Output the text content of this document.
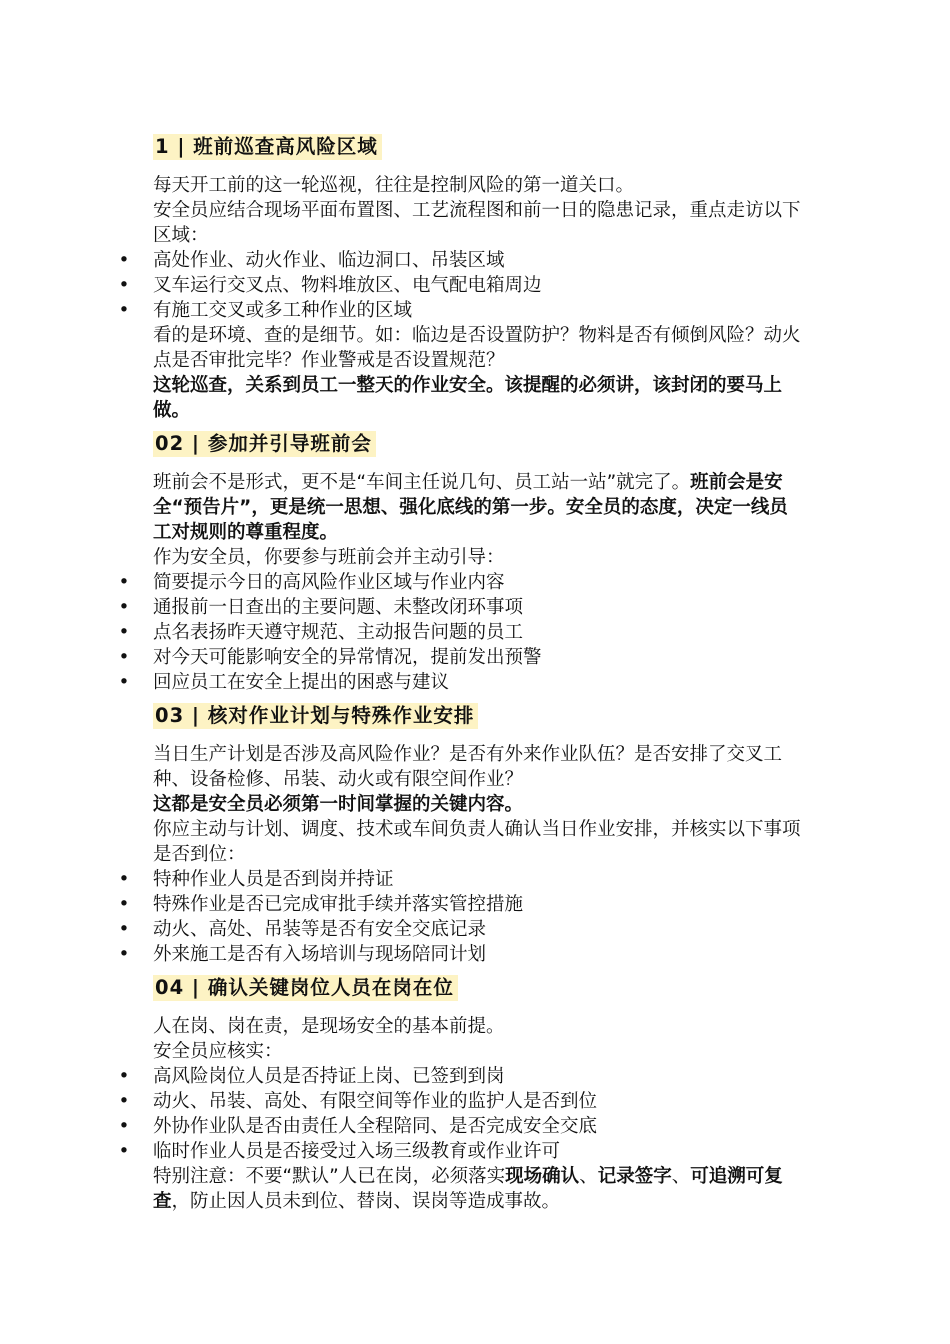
1 | 班前巡查高风险区域

每天开工前的这一轮巡视，往往是控制风险的第一道关口。

安全员应结合现场平面布置图、工艺流程图和前一日的隐患记录，重点走访以下区域：

• 高处作业、动火作业、临边洞口、吊装区域
• 叉车运行交叉点、物料堆放区、电气配电箱周边
• 有施工交叉或多工种作业的区域

看的是环境、查的是细节。如：临边是否设置防护？物料是否有倾倒风险？动火点是否审批完毕？作业警戒是否设置规范？

这轮巡查，关系到员工一整天的作业安全。该提醒的必须讲，该封闭的要马上做。

02 | 参加并引导班前会

班前会不是形式，更不是“车间主任说几句、员工站一站”就完了。班前会是安全“预告片”，更是统一思想、强化底线的第一步。安全员的态度，决定一线员工对规则的尊重程度。

作为安全员，你要参与班前会并主动引导：

• 简要提示今日的高风险作业区域与作业内容
• 通报前一日查出的主要问题、未整改闭环事项
• 点名表扬昨天遵守规范、主动报告问题的员工
• 对今天可能影响安全的异常情况，提前发出预警
• 回应员工在安全上提出的困惑与建议
03 | 核对作业计划与特殊作业安排

当日生产计划是否涉及高风险作业？是否有外来作业队伍？是否安排了交叉工种、设备检修、吊装、动火或有限空间作业？

这都是安全员必须第一时间掌握的关键内容。

你应主动与计划、调度、技术或车间负责人确认当日作业安排，并核实以下事项是否到位：

• 特种作业人员是否到岗并持证
• 特殊作业是否已完成审批手续并落实管控措施
• 动火、高处、吊装等是否有安全交底记录
• 外来施工是否有入场培训与现场陪同计划
04 | 确认关键岗位人员在岗在位

人在岗、岗在责，是现场安全的基本前提。

安全员应核实：

• 高风险岗位人员是否持证上岗、已签到到岗
• 动火、吊装、高处、有限空间等作业的监护人是否到位
• 外协作业队是否由责任人全程陪同、是否完成安全交底
• 临时作业人员是否接受过入场三级教育或作业许可

特别注意：不要“默认”人已在岗，必须落实现场确认、记录签字、可追溯可复查，防止因人员未到位、替岗、误岗等造成事故。
